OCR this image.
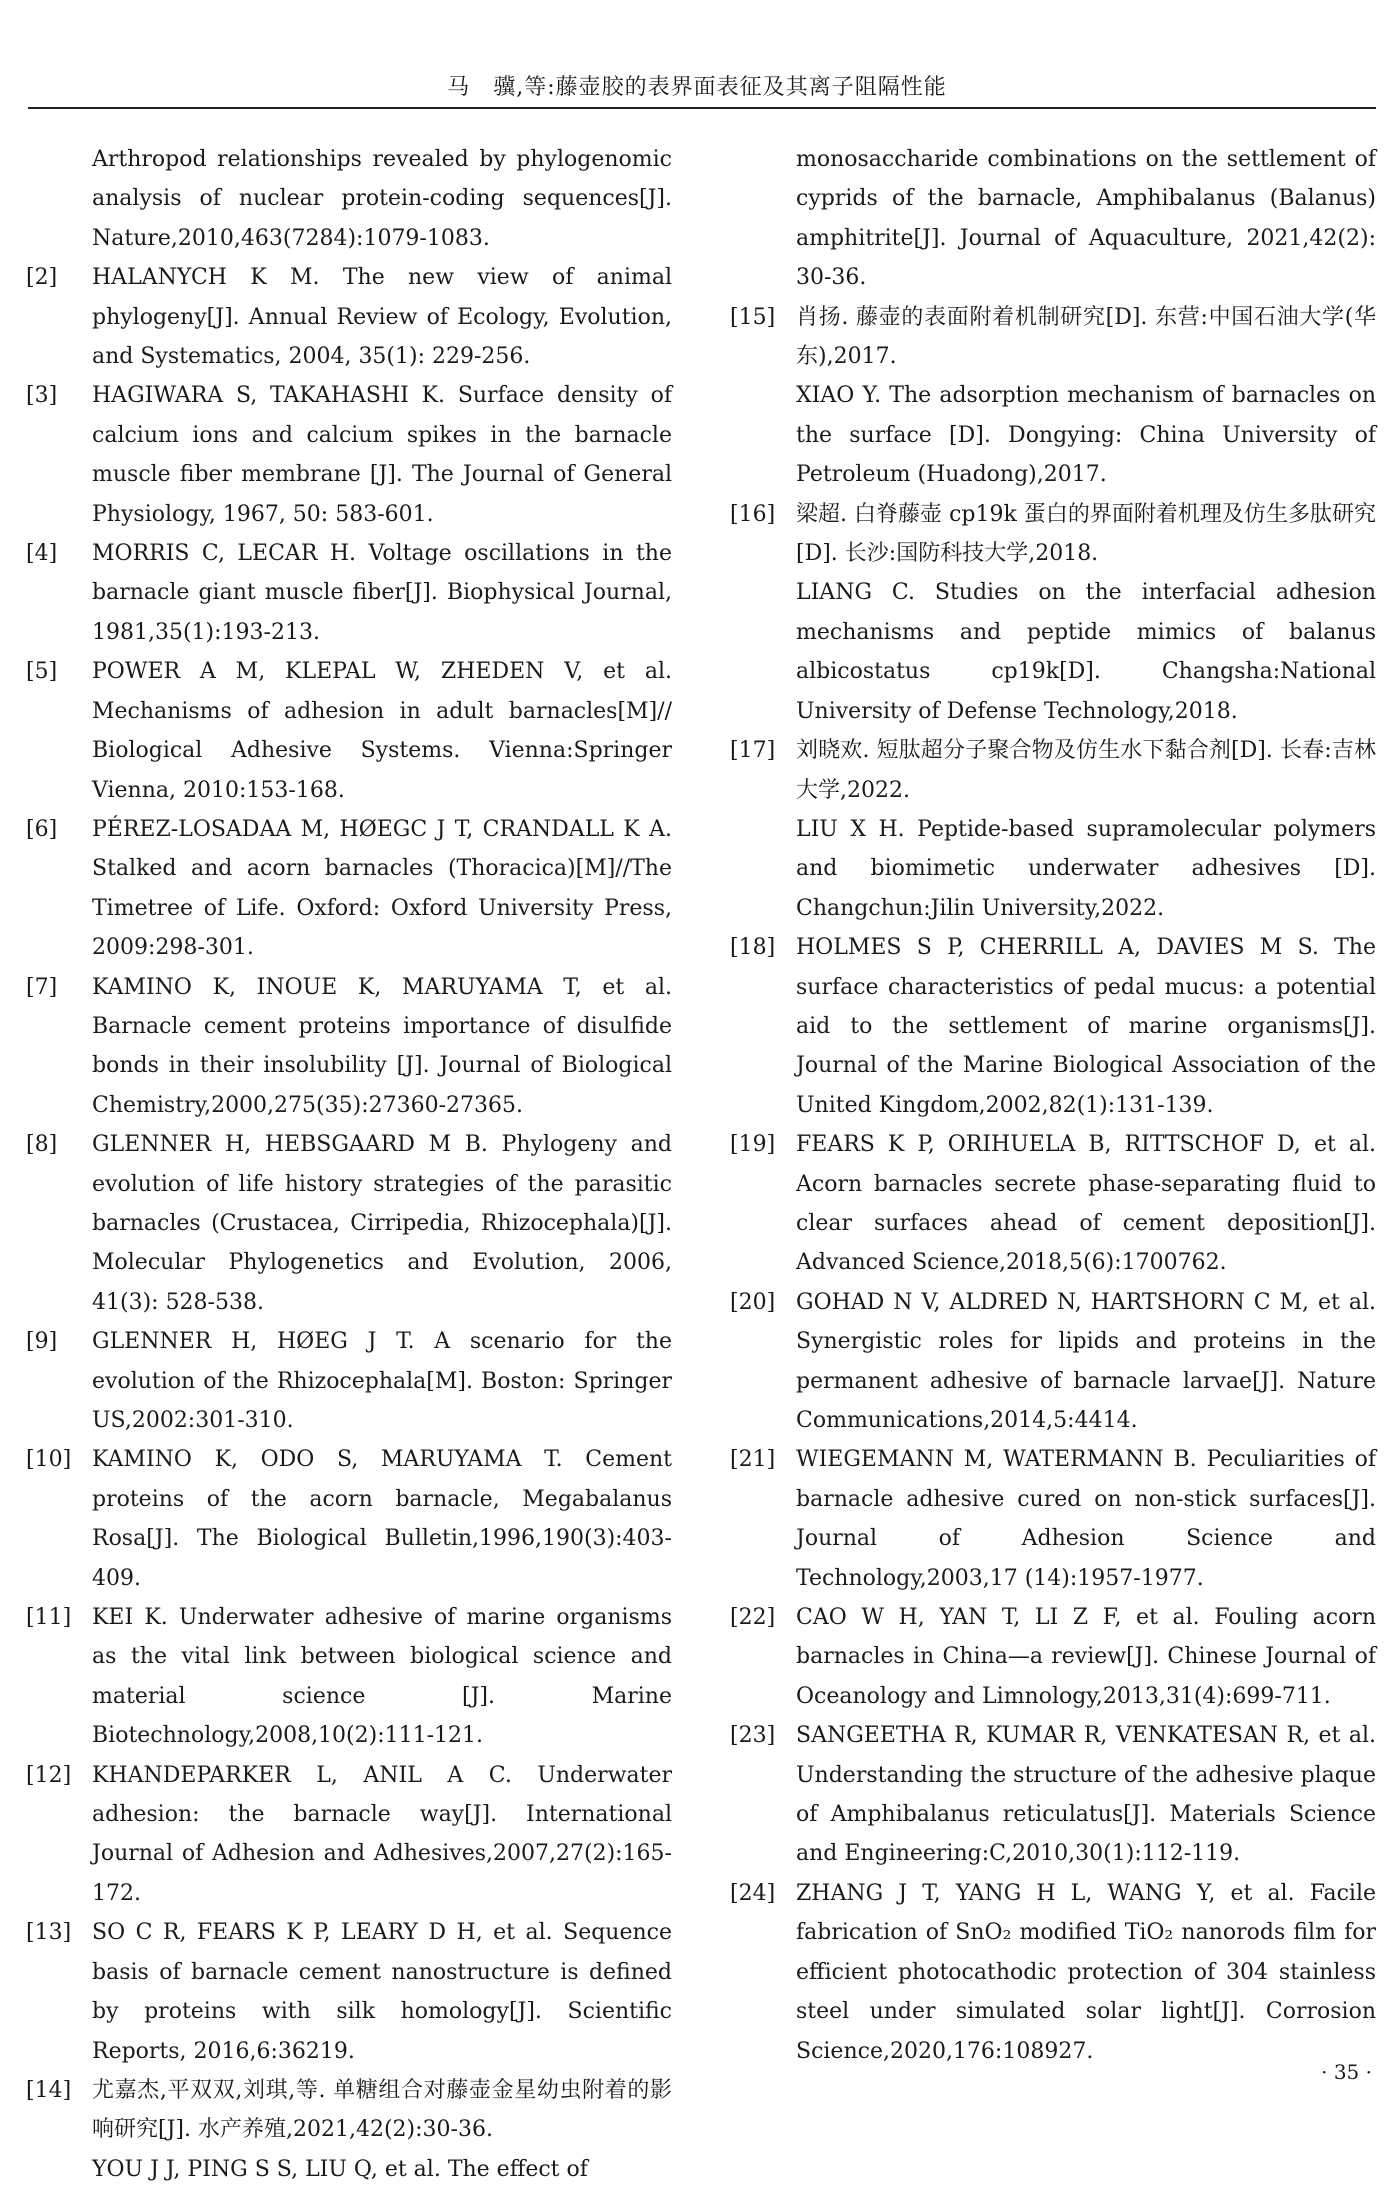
马　骥,等:藤壶胶的表界面表征及其离子阻隔性能
Arthropod relationships revealed by phylogenomic analysis of nuclear protein-coding sequences[J]. Nature,2010,463(7284):1079-1083.
[2] HALANYCH K M. The new view of animal phylogeny[J]. Annual Review of Ecology, Evolution, and Systematics, 2004, 35(1): 229-256.
[3] HAGIWARA S, TAKAHASHI K. Surface density of calcium ions and calcium spikes in the barnacle muscle fiber membrane [J]. The Journal of General Physiology, 1967, 50: 583-601.
[4] MORRIS C, LECAR H. Voltage oscillations in the barnacle giant muscle fiber[J]. Biophysical Journal, 1981,35(1):193-213.
[5] POWER A M, KLEPAL W, ZHEDEN V, et al. Mechanisms of adhesion in adult barnacles[M]// Biological Adhesive Systems. Vienna:Springer Vienna, 2010:153-168.
[6] PÉREZ-LOSADAA M, HØEGC J T, CRANDALL K A. Stalked and acorn barnacles (Thoracica)[M]//The Timetree of Life. Oxford: Oxford University Press, 2009:298-301.
[7] KAMINO K, INOUE K, MARUYAMA T, et al. Barnacle cement proteins importance of disulfide bonds in their insolubility [J]. Journal of Biological Chemistry,2000,275(35):27360-27365.
[8] GLENNER H, HEBSGAARD M B. Phylogeny and evolution of life history strategies of the parasitic barnacles (Crustacea, Cirripedia, Rhizocephala)[J]. Molecular Phylogenetics and Evolution, 2006, 41(3): 528-538.
[9] GLENNER H, HØEG J T. A scenario for the evolution of the Rhizocephala[M]. Boston: Springer US,2002:301-310.
[10] KAMINO K, ODO S, MARUYAMA T. Cement proteins of the acorn barnacle, Megabalanus Rosa[J]. The Biological Bulletin,1996,190(3):403-409.
[11] KEI K. Underwater adhesive of marine organisms as the vital link between biological science and material science [J]. Marine Biotechnology,2008,10(2):111-121.
[12] KHANDEPARKER L, ANIL A C. Underwater adhesion: the barnacle way[J]. International Journal of Adhesion and Adhesives,2007,27(2):165-172.
[13] SO C R, FEARS K P, LEARY D H, et al. Sequence basis of barnacle cement nanostructure is defined by proteins with silk homology[J]. Scientific Reports, 2016,6:36219.
[14] 尤嘉杰,平双双,刘琪,等. 单糖组合对藤壶金星幼虫附着的影响研究[J]. 水产养殖,2021,42(2):30-36.
YOU J J, PING S S, LIU Q, et al. The effect of
monosaccharide combinations on the settlement of cyprids of the barnacle, Amphibalanus (Balanus) amphitrite[J]. Journal of Aquaculture, 2021,42(2): 30-36.
[15] 肖扬. 藤壶的表面附着机制研究[D]. 东营:中国石油大学(华东),2017.
XIAO Y. The adsorption mechanism of barnacles on the surface [D]. Dongying: China University of Petroleum (Huadong),2017.
[16] 梁超. 白脊藤壶 cp19k 蛋白的界面附着机理及仿生多肽研究[D]. 长沙:国防科技大学,2018.
LIANG C. Studies on the interfacial adhesion mechanisms and peptide mimics of balanus albicostatus cp19k[D]. Changsha:National University of Defense Technology,2018.
[17] 刘晓欢. 短肽超分子聚合物及仿生水下黏合剂[D]. 长春:吉林大学,2022.
LIU X H. Peptide-based supramolecular polymers and biomimetic underwater adhesives [D]. Changchun:Jilin University,2022.
[18] HOLMES S P, CHERRILL A, DAVIES M S. The surface characteristics of pedal mucus: a potential aid to the settlement of marine organisms[J]. Journal of the Marine Biological Association of the United Kingdom,2002,82(1):131-139.
[19] FEARS K P, ORIHUELA B, RITTSCHOF D, et al. Acorn barnacles secrete phase-separating fluid to clear surfaces ahead of cement deposition[J]. Advanced Science,2018,5(6):1700762.
[20] GOHAD N V, ALDRED N, HARTSHORN C M, et al. Synergistic roles for lipids and proteins in the permanent adhesive of barnacle larvae[J]. Nature Communications,2014,5:4414.
[21] WIEGEMANN M, WATERMANN B. Peculiarities of barnacle adhesive cured on non-stick surfaces[J]. Journal of Adhesion Science and Technology,2003,17 (14):1957-1977.
[22] CAO W H, YAN T, LI Z F, et al. Fouling acorn barnacles in China—a review[J]. Chinese Journal of Oceanology and Limnology,2013,31(4):699-711.
[23] SANGEETHA R, KUMAR R, VENKATESAN R, et al. Understanding the structure of the adhesive plaque of Amphibalanus reticulatus[J]. Materials Science and Engineering:C,2010,30(1):112-119.
[24] ZHANG J T, YANG H L, WANG Y, et al. Facile fabrication of SnO₂ modified TiO₂ nanorods film for efficient photocathodic protection of 304 stainless steel under simulated solar light[J]. Corrosion Science,2020,176:108927.
· 35 ·
